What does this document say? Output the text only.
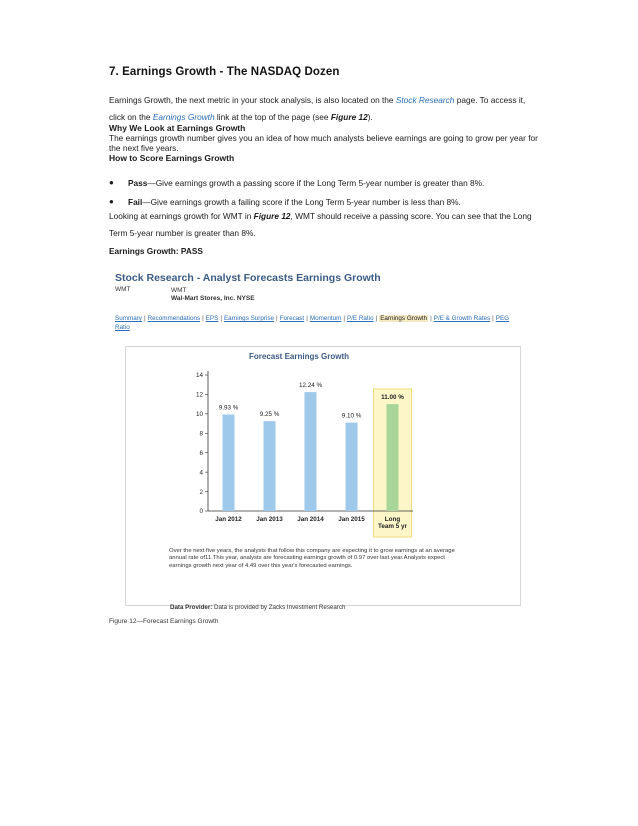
7. Earnings Growth - The NASDAQ Dozen

Earnings Growth, the next metric in your stock analysis, is also located on the Stock Research page. To access it, click on the Earnings Growth link at the top of the page (see Figure 12).

Why We Look at Earnings Growth

The earnings growth number gives you an idea of how much analysts believe earnings are going to grow per year for the next five years.

How to Score Earnings Growth

●	Pass—Give earnings growth a passing score if the Long Term 5-year number is greater than 8%.

●	Fail—Give earnings growth a failing score if the Long Term 5-year number is less than 8%.

Looking at earnings growth for WMT in Figure 12, WMT should receive a passing score. You can see that the Long Term 5-year number is greater than 8%.

Earnings Growth: PASS

Stock Research - Analyst Forecasts Earnings Growth
WMT	WMT
Wal-Mart Stores, Inc. NYSE
Summary | Recommendations | EPS | Earnings Surprise | Forecast | Momentum | P/E Ratio | Earnings Growth | P/E & Growth Rates | PEG Ratio
Forecast Earnings Growth
0
2
4
6
8
10
12
14
9.93 %
Jan 2012
9.25 %
Jan 2013
12.24 %
Jan 2014
9.10 %
Jan 2015
11.00 %
Long
Team 5 yr
Over the next five years, the analysts that follow this company are expecting it to grow earnings at an average annual rate of11.This year, analysts are forecasting earnings growth of 0.97 over last year.Analysts expect earnings growth next year of 4.49 over this year's forecasted earnings.
Data Provider: Data is provided by Zacks Investment Research
Figure 12—Forecast Earnings Growth
